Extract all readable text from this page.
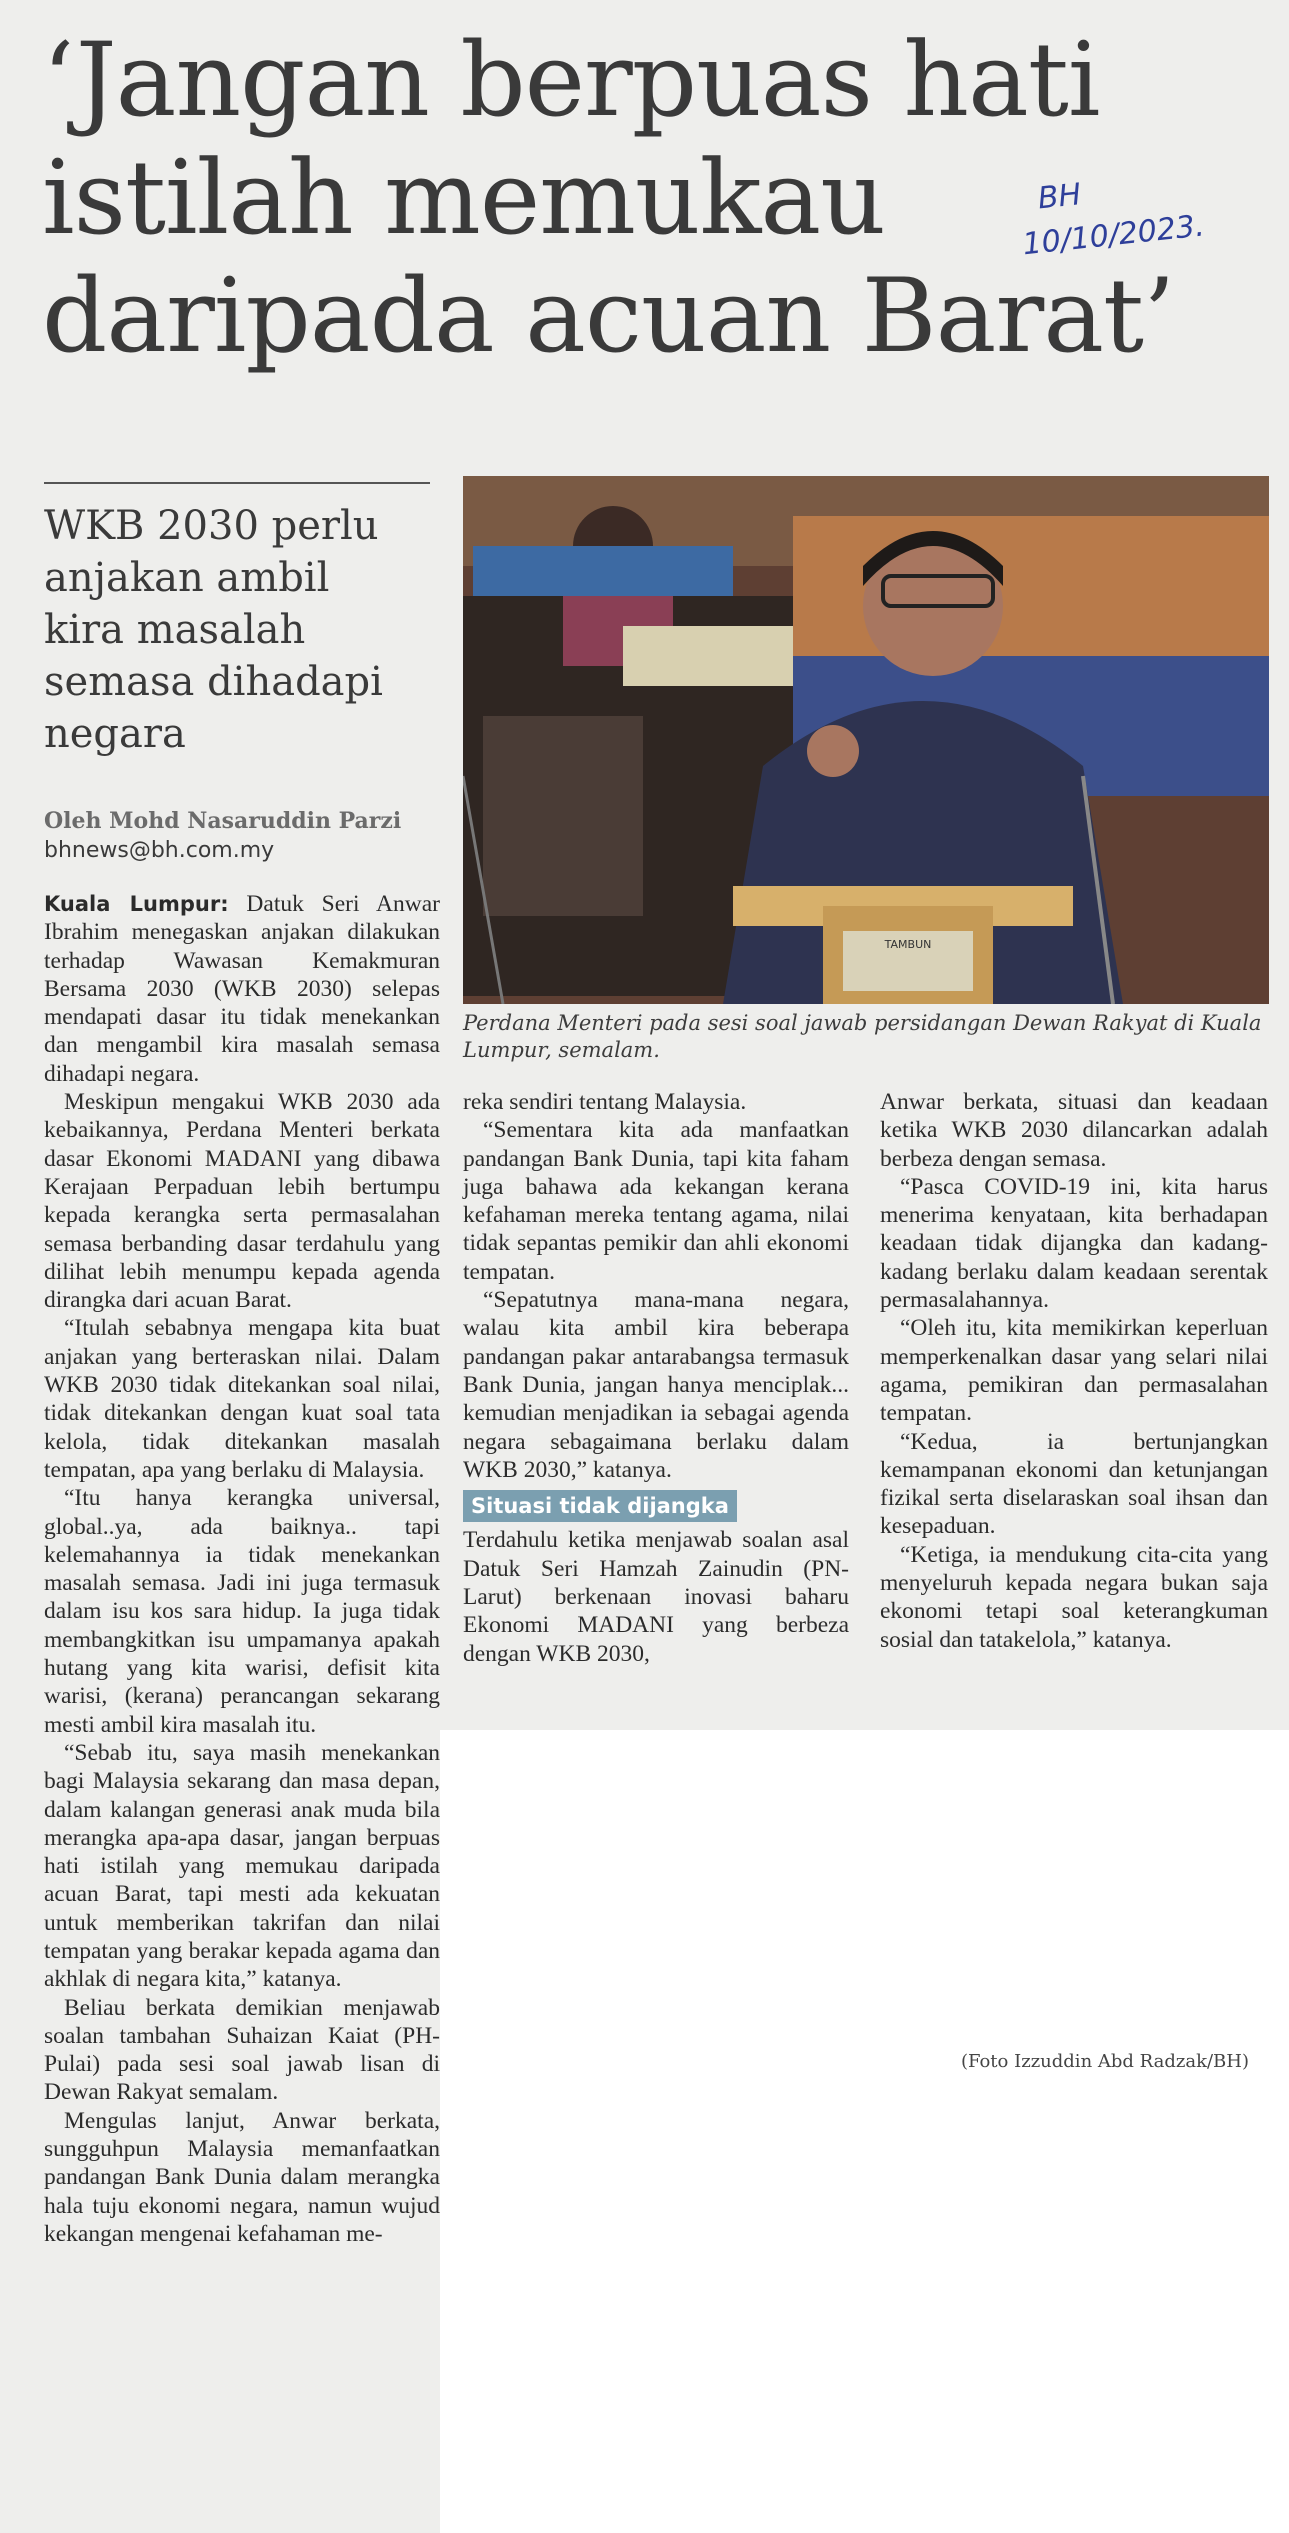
‘Jangan berpuas hati
istilah memukau
daripada acuan Barat’
BH
10/10/2023.
WKB 2030 perlu anjakan ambil kira masalah semasa dihadapi negara
Oleh Mohd Nasaruddin Parzi
bhnews@bh.com.my
TAMBUN
Perdana Menteri pada sesi soal jawab persidangan Dewan Rakyat di Kuala Lumpur, semalam.
(Foto Izzuddin Abd Radzak/BH)

Kuala Lumpur: Datuk Seri Anwar Ibrahim menegaskan anjakan dilakukan terhadap Wawasan Kemakmuran Bersama 2030 (WKB 2030) selepas mendapati dasar itu tidak menekankan dan mengambil kira masalah semasa dihadapi negara.

Meskipun mengakui WKB 2030 ada kebaikannya, Perdana Menteri berkata dasar Ekonomi MADANI yang dibawa Kerajaan Perpaduan lebih bertumpu kepada kerangka serta permasalahan semasa berbanding dasar terdahulu yang dilihat lebih menumpu kepada agenda dirangka dari acuan Barat.

“Itulah sebabnya mengapa kita buat anjakan yang berteraskan nilai. Dalam WKB 2030 tidak ditekankan soal nilai, tidak ditekankan dengan kuat soal tata kelola, tidak ditekankan masalah tempatan, apa yang berlaku di Malaysia.

“Itu hanya kerangka universal, global..ya, ada baiknya.. tapi kelemahannya ia tidak menekankan masalah semasa. Jadi ini juga termasuk dalam isu kos sara hidup. Ia juga tidak membangkitkan isu umpamanya apakah hutang yang kita warisi, defisit kita warisi, (kerana) perancangan sekarang mesti ambil kira masalah itu.

“Sebab itu, saya masih menekankan bagi Malaysia sekarang dan masa depan, dalam kalangan generasi anak muda bila merangka apa-apa dasar, jangan berpuas hati istilah yang memukau daripada acuan Barat, tapi mesti ada kekuatan untuk memberikan takrifan dan nilai tempatan yang berakar kepada agama dan akhlak di negara kita,” katanya.

Beliau berkata demikian menjawab soalan tambahan Suhaizan Kaiat (PH-Pulai) pada sesi soal jawab lisan di Dewan Rakyat semalam.

Mengulas lanjut, Anwar berkata, sungguhpun Malaysia memanfaatkan pandangan Bank Dunia dalam merangka hala tuju ekonomi negara, namun wujud kekangan mengenai kefahaman me-

reka sendiri tentang Malaysia.

“Sementara kita ada manfaatkan pandangan Bank Dunia, tapi kita faham juga bahawa ada kekangan kerana kefahaman mereka tentang agama, nilai tidak sepantas pemikir dan ahli ekonomi tempatan.

“Sepatutnya mana-mana negara, walau kita ambil kira beberapa pandangan pakar antarabangsa termasuk Bank Dunia, jangan hanya menciplak... kemudian menjadikan ia sebagai agenda negara sebagaimana berlaku dalam WKB 2030,” katanya.

Situasi tidak dijangka

Terdahulu ketika menjawab soalan asal Datuk Seri Hamzah Zainudin (PN-Larut) berkenaan inovasi baharu Ekonomi MADANI yang berbeza dengan WKB 2030,

Anwar berkata, situasi dan keadaan ketika WKB 2030 dilancarkan adalah berbeza dengan semasa.

“Pasca COVID-19 ini, kita harus menerima kenyataan, kita berhadapan keadaan tidak dijangka dan kadang-kadang berlaku dalam keadaan serentak permasalahannya.

“Oleh itu, kita memikirkan keperluan memperkenalkan dasar yang selari nilai agama, pemikiran dan permasalahan tempatan.

“Kedua, ia bertunjangkan kemampanan ekonomi dan ketunjangan fizikal serta diselaraskan soal ihsan dan kesepaduan.

“Ketiga, ia mendukung cita-cita yang menyeluruh kepada negara bukan saja ekonomi tetapi soal keterangkuman sosial dan tatakelola,” katanya.
